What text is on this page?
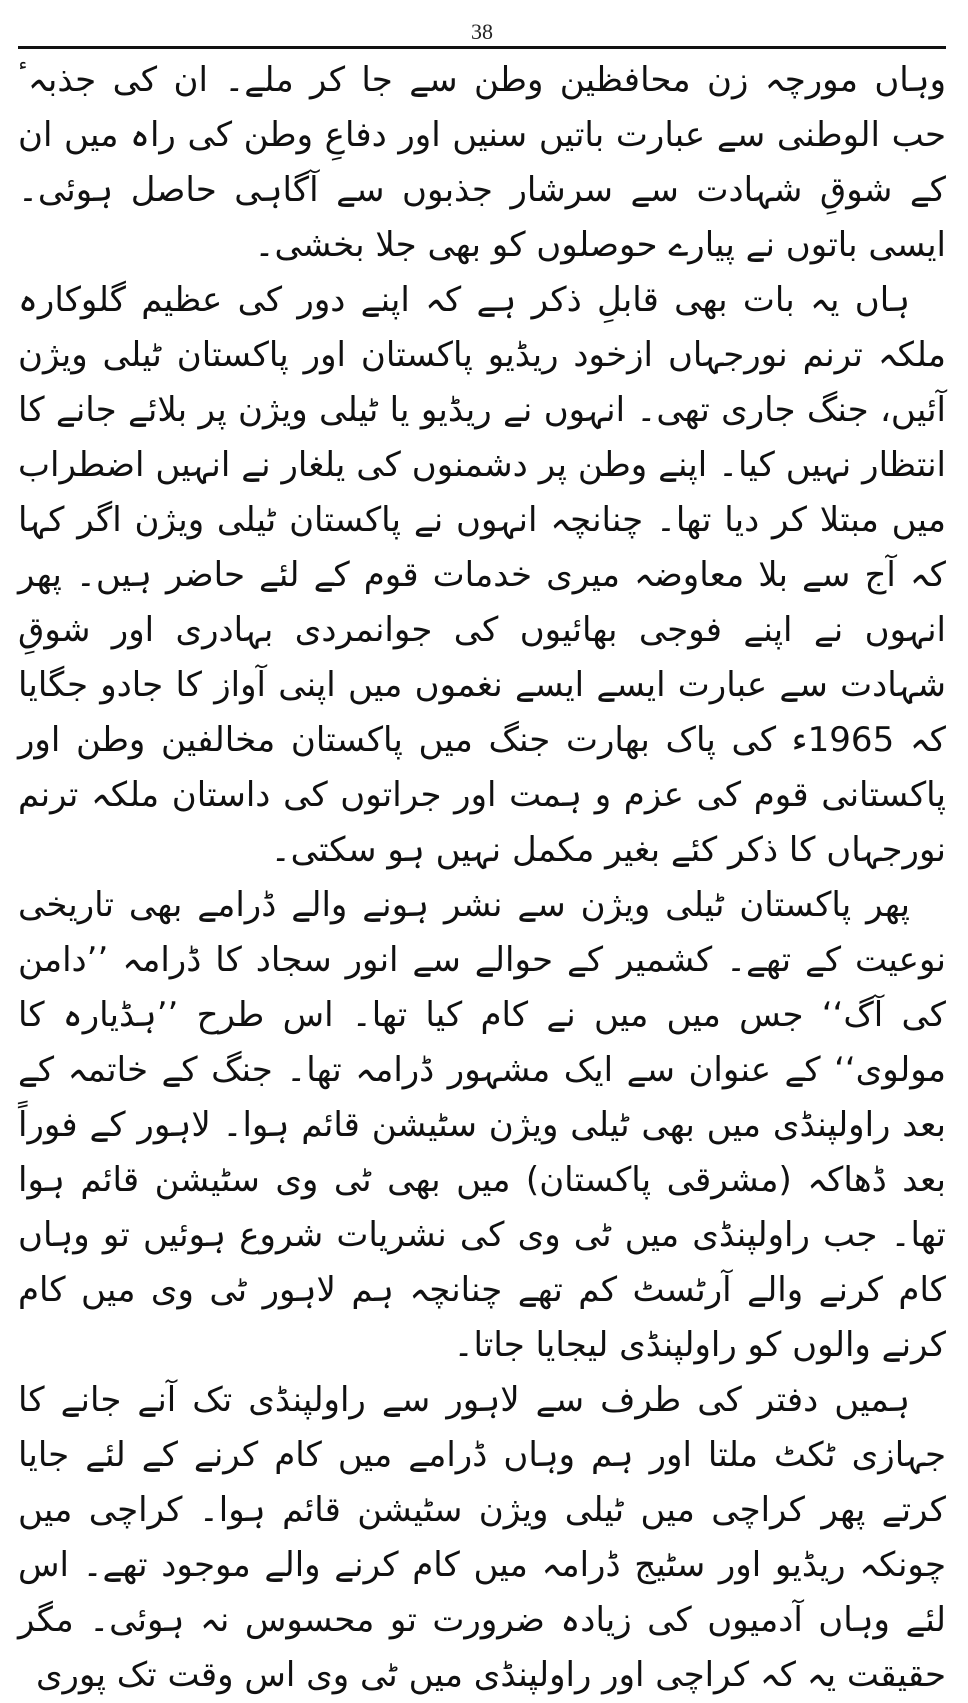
38

وہاں مورچہ زن محافظین وطن سے جا کر ملے۔ ان کی جذبہٴ حب الوطنی سے عبارت باتیں سنیں اور دفاعِ وطن کی راہ میں ان کے شوقِ شہادت سے سرشار جذبوں سے آگاہی حاصل ہوئی۔ ایسی باتوں نے پیارے حوصلوں کو بھی جلا بخشی۔

ہاں یہ بات بھی قابلِ ذکر ہے کہ اپنے دور کی عظیم گلوکارہ ملکہ ترنم نورجہاں ازخود ریڈیو پاکستان اور پاکستان ٹیلی ویژن آئیں، جنگ جاری تھی۔ انہوں نے ریڈیو یا ٹیلی ویژن پر بلائے جانے کا انتظار نہیں کیا۔ اپنے وطن پر دشمنوں کی یلغار نے انہیں اضطراب میں مبتلا کر دیا تھا۔ چنانچہ انہوں نے پاکستان ٹیلی ویژن اگر کہا کہ آج سے بلا معاوضہ میری خدمات قوم کے لئے حاضر ہیں۔ پھر انہوں نے اپنے فوجی بھائیوں کی جوانمردی بہادری اور شوقِ شہادت سے عبارت ایسے ایسے نغموں میں اپنی آواز کا جادو جگایا کہ 1965ء کی پاک بھارت جنگ میں پاکستان مخالفین وطن اور پاکستانی قوم کی عزم و ہمت اور جراتوں کی داستان ملکہ ترنم نورجہاں کا ذکر کئے بغیر مکمل نہیں ہو سکتی۔

پھر پاکستان ٹیلی ویژن سے نشر ہونے والے ڈرامے بھی تاریخی نوعیت کے تھے۔ کشمیر کے حوالے سے انور سجاد کا ڈرامہ ’’دامن کی آگ‘‘ جس میں میں نے کام کیا تھا۔ اس طرح ’’ہڈیارہ کا مولوی‘‘ کے عنوان سے ایک مشہور ڈرامہ تھا۔ جنگ کے خاتمہ کے بعد راولپنڈی میں بھی ٹیلی ویژن سٹیشن قائم ہوا۔ لاہور کے فوراً بعد ڈھاکہ (مشرقی پاکستان) میں بھی ٹی وی سٹیشن قائم ہوا تھا۔ جب راولپنڈی میں ٹی وی کی نشریات شروع ہوئیں تو وہاں کام کرنے والے آرٹسٹ کم تھے چنانچہ ہم لاہور ٹی وی میں کام کرنے والوں کو راولپنڈی لیجایا جاتا۔

ہمیں دفتر کی طرف سے لاہور سے راولپنڈی تک آنے جانے کا جہازی ٹکٹ ملتا اور ہم وہاں ڈرامے میں کام کرنے کے لئے جایا کرتے پھر کراچی میں ٹیلی ویژن سٹیشن قائم ہوا۔ کراچی میں چونکہ ریڈیو اور سٹیج ڈرامہ میں کام کرنے والے موجود تھے۔ اس لئے وہاں آدمیوں کی زیادہ ضرورت تو محسوس نہ ہوئی۔ مگر حقیقت یہ کہ کراچی اور راولپنڈی میں ٹی وی اس وقت تک پوری
